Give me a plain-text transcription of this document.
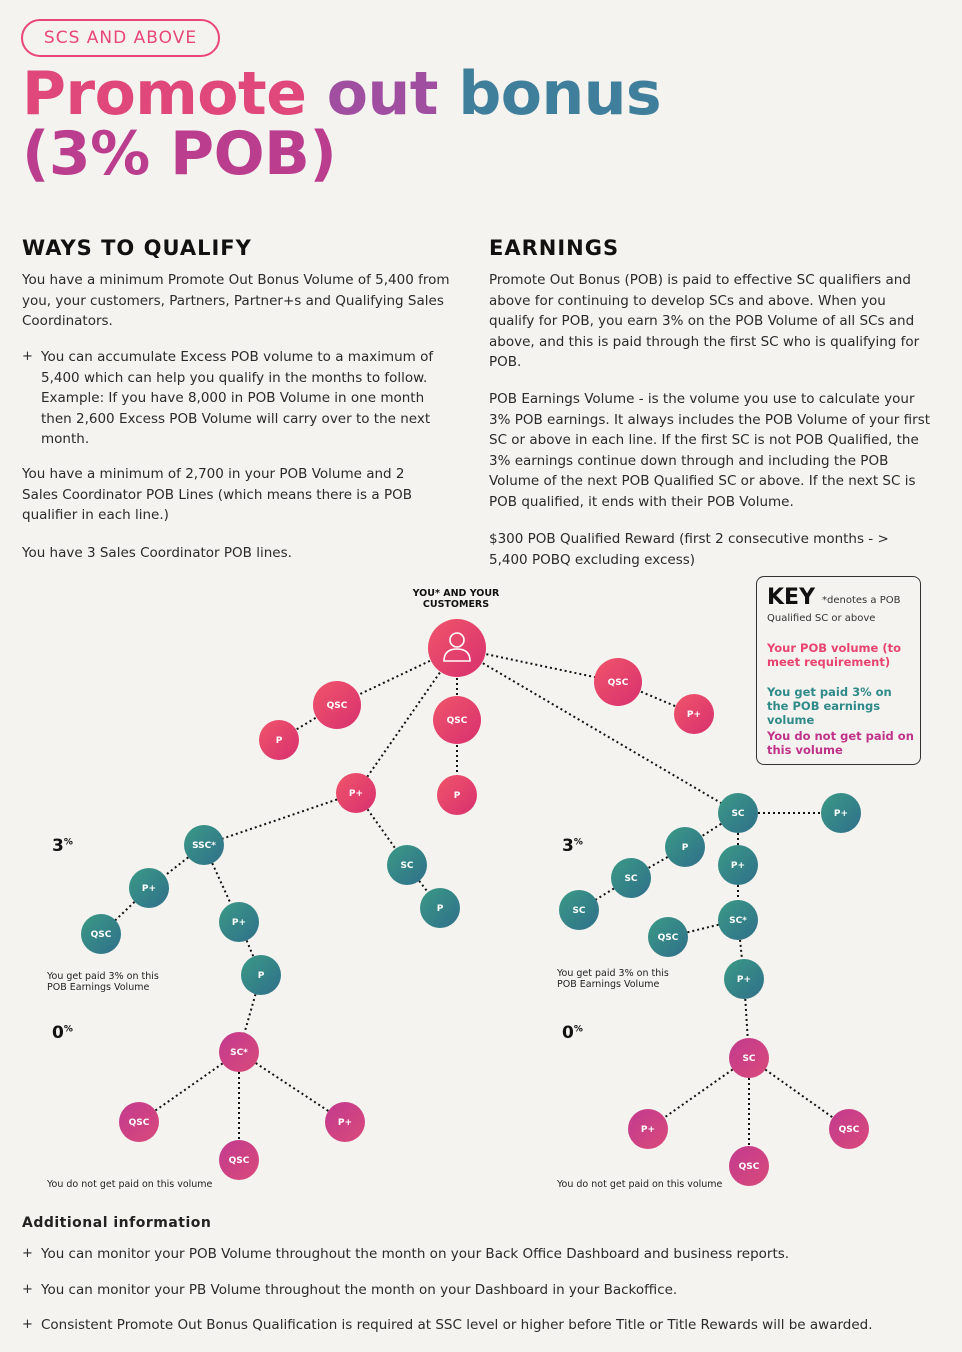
SCS AND ABOVE
Promote out bonus
(3% POB)
WAYS TO QUALIFY

You have a minimum Promote Out Bonus Volume of 5,400 from you, your customers, Partners, Partner+s and Qualifying Sales Coordinators.

+ You can accumulate Excess POB volume to a maximum of 5,400 which can help you qualify in the months to follow. Example: If you have 8,000 in POB Volume in one month then 2,600 Excess POB Volume will carry over to the next month.

You have a minimum of 2,700 in your POB Volume and 2 Sales Coordinator POB Lines (which means there is a POB qualifier in each line.)

You have 3 Sales Coordinator POB lines.

EARNINGS

Promote Out Bonus (POB) is paid to effective SC qualifiers and above for continuing to develop SCs and above. When you qualify for POB, you earn 3% on the POB Volume of all SCs and above, and this is paid through the first SC who is qualifying for POB.

POB Earnings Volume - is the volume you use to calculate your 3% POB earnings. It always includes the POB Volume of your first SC or above in each line. If the first SC is not POB Qualified, the 3% earnings continue down through and including the POB Volume of the next POB Qualified SC or above. If the next SC is POB qualified, it ends with their POB Volume.

$300 POB Qualified Reward (first 2 consecutive months - > 5,400 POBQ excluding excess)

QSC
P
QSC
P
QSC
P+
P+
SSC*
P+
QSC
P+
P
SC
P
SC*
QSC
QSC
P+
SC	P+
P
SC
SC
P+
SC*
QSC
P+
SC
P+
QSC
QSC
YOU* AND YOUR CUSTOMERS	KEY *denotes a POB
Qualified SC or above
Your POB volume (to meet requirement)
You get paid 3% on the POB earnings volume
You do not get paid on this volume
3%
0%
3%
0%
You get paid 3% on this POB Earnings Volume
You get paid 3% on this POB Earnings Volume
You do not get paid on this volume	You do not get paid on this volume
Additional information
+ You can monitor your POB Volume throughout the month on your Back Office Dashboard and business reports.
+ You can monitor your PB Volume throughout the month on your Dashboard in your Backoffice.
+ Consistent Promote Out Bonus Qualification is required at SSC level or higher before Title or Title Rewards will be awarded.
